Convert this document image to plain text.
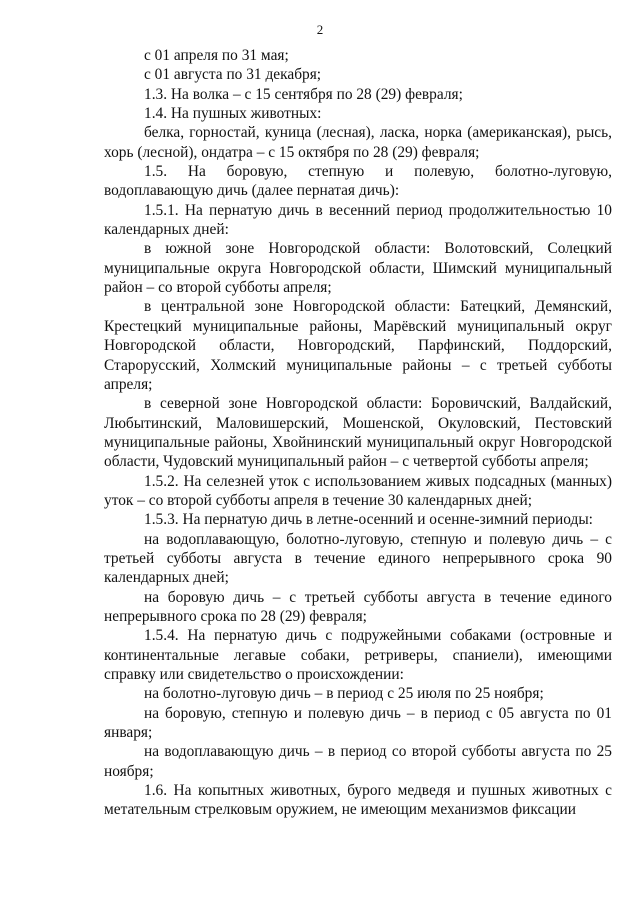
2

с 01 апреля по 31 мая;

с 01 августа по 31 декабря;

1.3. На волка – с 15 сентября по 28 (29) февраля;

1.4. На пушных животных:

белка, горностай, куница (лесная), ласка, норка (американская), рысь, хорь (лесной), ондатра – с 15 октября по 28 (29) февраля;

1.5. На боровую, степную и полевую, болотно-луговую, водоплавающую дичь (далее пернатая дичь):

1.5.1. На пернатую дичь в весенний период продолжительностью 10 календарных дней:

в южной зоне Новгородской области: Волотовский, Солецкий муниципальные округа Новгородской области, Шимский муниципальный район – со второй субботы апреля;

в центральной зоне Новгородской области: Батецкий, Демянский, Крестецкий муниципальные районы, Марёвский муниципальный округ Новгородской области, Новгородский, Парфинский, Поддорский, Старорусский, Холмский муниципальные районы – с третьей субботы апреля;

в северной зоне Новгородской области: Боровичский, Валдайский, Любытинский, Маловишерский, Мошенской, Окуловский, Пестовский муниципальные районы, Хвойнинский муниципальный округ Новгородской области, Чудовский муниципальный район – с четвертой субботы апреля;

1.5.2. На селезней уток с использованием живых подсадных (манных) уток – со второй субботы апреля в течение 30 календарных дней;

1.5.3. На пернатую дичь в летне-осенний и осенне-зимний периоды:

на водоплавающую, болотно-луговую, степную и полевую дичь – с третьей субботы августа в течение единого непрерывного срока 90 календарных дней;

на боровую дичь – с третьей субботы августа в течение единого непрерывного срока по 28 (29) февраля;

1.5.4. На пернатую дичь с подружейными собаками (островные и континентальные легавые собаки, ретриверы, спаниели), имеющими справку или свидетельство о происхождении:

на болотно-луговую дичь – в период с 25 июля по 25 ноября;

на боровую, степную и полевую дичь – в период с 05 августа по 01 января;

на водоплавающую дичь – в период со второй субботы августа по 25 ноября;

1.6. На копытных животных, бурого медведя и пушных животных с метательным стрелковым оружием, не имеющим механизмов фиксации
